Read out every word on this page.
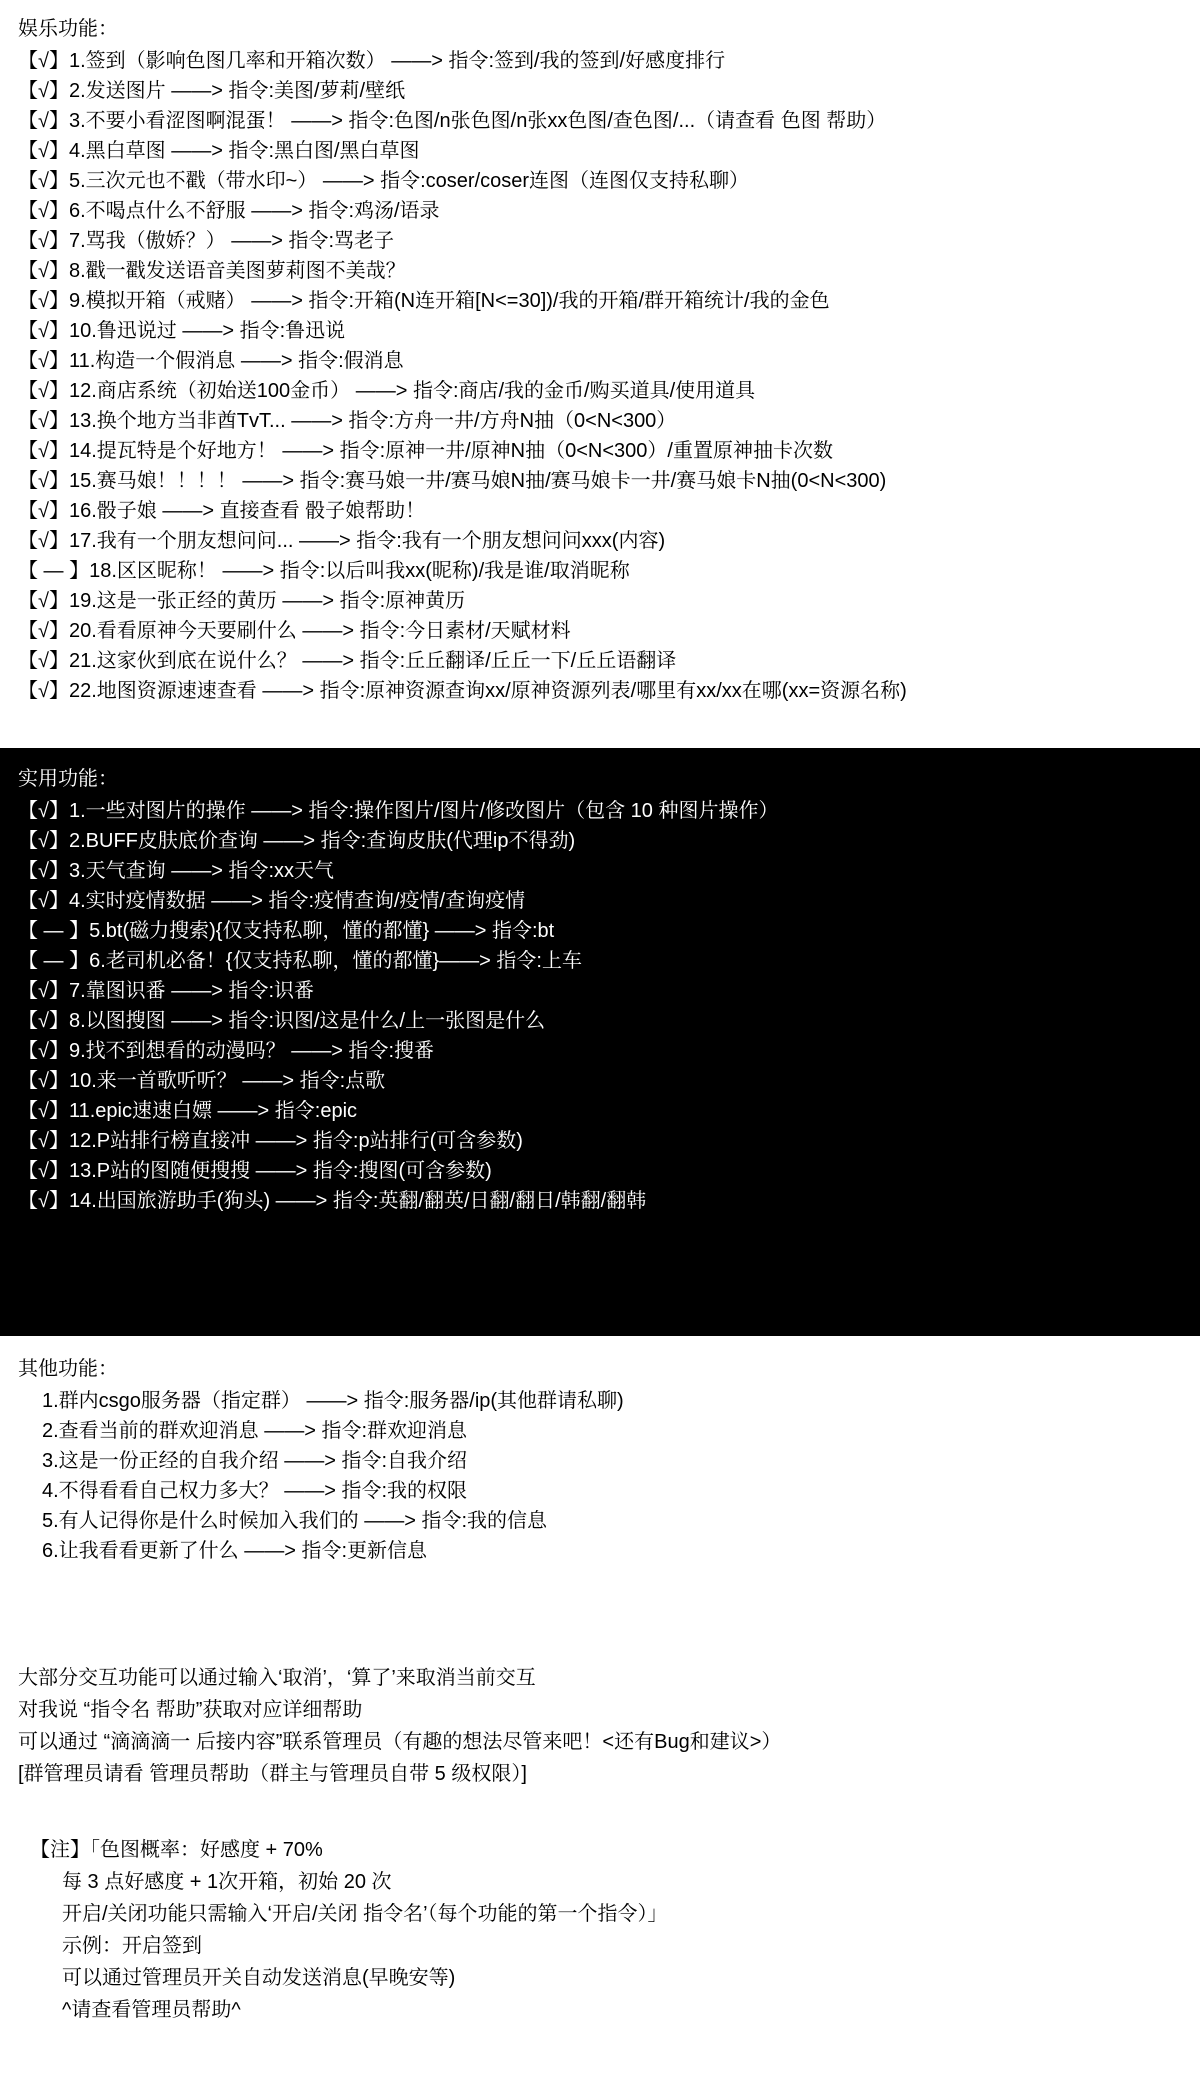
娱乐功能：
【√】1.签到（影响色图几率和开箱次数） ——> 指令:签到/我的签到/好感度排行
【√】2.发送图片 ——> 指令:美图/萝莉/壁纸
【√】3.不要小看涩图啊混蛋！ ——> 指令:色图/n张色图/n张xx色图/查色图/...（请查看 色图 帮助）
【√】4.黑白草图 ——> 指令:黑白图/黑白草图
【√】5.三次元也不戳（带水印~） ——> 指令:coser/coser连图（连图仅支持私聊）
【√】6.不喝点什么不舒服 ——> 指令:鸡汤/语录
【√】7.骂我（傲娇？） ——> 指令:骂老子
【√】8.戳一戳发送语音美图萝莉图不美哉？
【√】9.模拟开箱（戒赌） ——> 指令:开箱(N连开箱[N<=30])/我的开箱/群开箱统计/我的金色
【√】10.鲁迅说过 ——> 指令:鲁迅说
【√】11.构造一个假消息 ——> 指令:假消息
【√】12.商店系统（初始送100金币） ——> 指令:商店/我的金币/购买道具/使用道具
【√】13.换个地方当非酋TvT... ——> 指令:方舟一井/方舟N抽（0<N<300）
【√】14.提瓦特是个好地方！ ——> 指令:原神一井/原神N抽（0<N<300）/重置原神抽卡次数
【√】15.赛马娘！！！！ ——> 指令:赛马娘一井/赛马娘N抽/赛马娘卡一井/赛马娘卡N抽(0<N<300)
【√】16.骰子娘 ——> 直接查看 骰子娘帮助！
【√】17.我有一个朋友想问问... ——> 指令:我有一个朋友想问问xxx(内容)
【 — 】18.区区昵称！ ——> 指令:以后叫我xx(昵称)/我是谁/取消昵称
【√】19.这是一张正经的黄历 ——> 指令:原神黄历
【√】20.看看原神今天要刷什么 ——> 指令:今日素材/天赋材料
【√】21.这家伙到底在说什么？ ——> 指令:丘丘翻译/丘丘一下/丘丘语翻译
【√】22.地图资源速速查看 ——> 指令:原神资源查询xx/原神资源列表/哪里有xx/xx在哪(xx=资源名称)
实用功能：
【√】1.一些对图片的操作 ——> 指令:操作图片/图片/修改图片（包含 10 种图片操作）
【√】2.BUFF皮肤底价查询 ——> 指令:查询皮肤(代理ip不得劲)
【√】3.天气查询 ——> 指令:xx天气
【√】4.实时疫情数据 ——> 指令:疫情查询/疫情/查询疫情
【 — 】5.bt(磁力搜索){仅支持私聊，懂的都懂} ——> 指令:bt
【 — 】6.老司机必备！{仅支持私聊，懂的都懂}——> 指令:上车
【√】7.靠图识番 ——> 指令:识番
【√】8.以图搜图 ——> 指令:识图/这是什么/上一张图是什么
【√】9.找不到想看的动漫吗？ ——> 指令:搜番
【√】10.来一首歌听听？ ——> 指令:点歌
【√】11.epic速速白嫖 ——> 指令:epic
【√】12.P站排行榜直接冲 ——> 指令:p站排行(可含参数)
【√】13.P站的图随便搜搜 ——> 指令:搜图(可含参数)
【√】14.出国旅游助手(狗头) ——> 指令:英翻/翻英/日翻/翻日/韩翻/翻韩
其他功能：
1.群内csgo服务器（指定群） ——> 指令:服务器/ip(其他群请私聊)
2.查看当前的群欢迎消息 ——> 指令:群欢迎消息
3.这是一份正经的自我介绍 ——> 指令:自我介绍
4.不得看看自己权力多大？ ——> 指令:我的权限
5.有人记得你是什么时候加入我们的 ——> 指令:我的信息
6.让我看看更新了什么 ——> 指令:更新信息
大部分交互功能可以通过输入‘取消’，‘算了’来取消当前交互
对我说 “指令名 帮助”获取对应详细帮助
可以通过 “滴滴滴一 后接内容”联系管理员（有趣的想法尽管来吧！<还有Bug和建议>）
[群管理员请看 管理员帮助（群主与管理员自带 5 级权限）]
【注】「色图概率：好感度 + 70%
每 3 点好感度 + 1次开箱，初始 20 次
开启/关闭功能只需输入‘开启/关闭 指令名’（每个功能的第一个指令）」
示例：开启签到
可以通过管理员开关自动发送消息(早晚安等)
^请查看管理员帮助^
